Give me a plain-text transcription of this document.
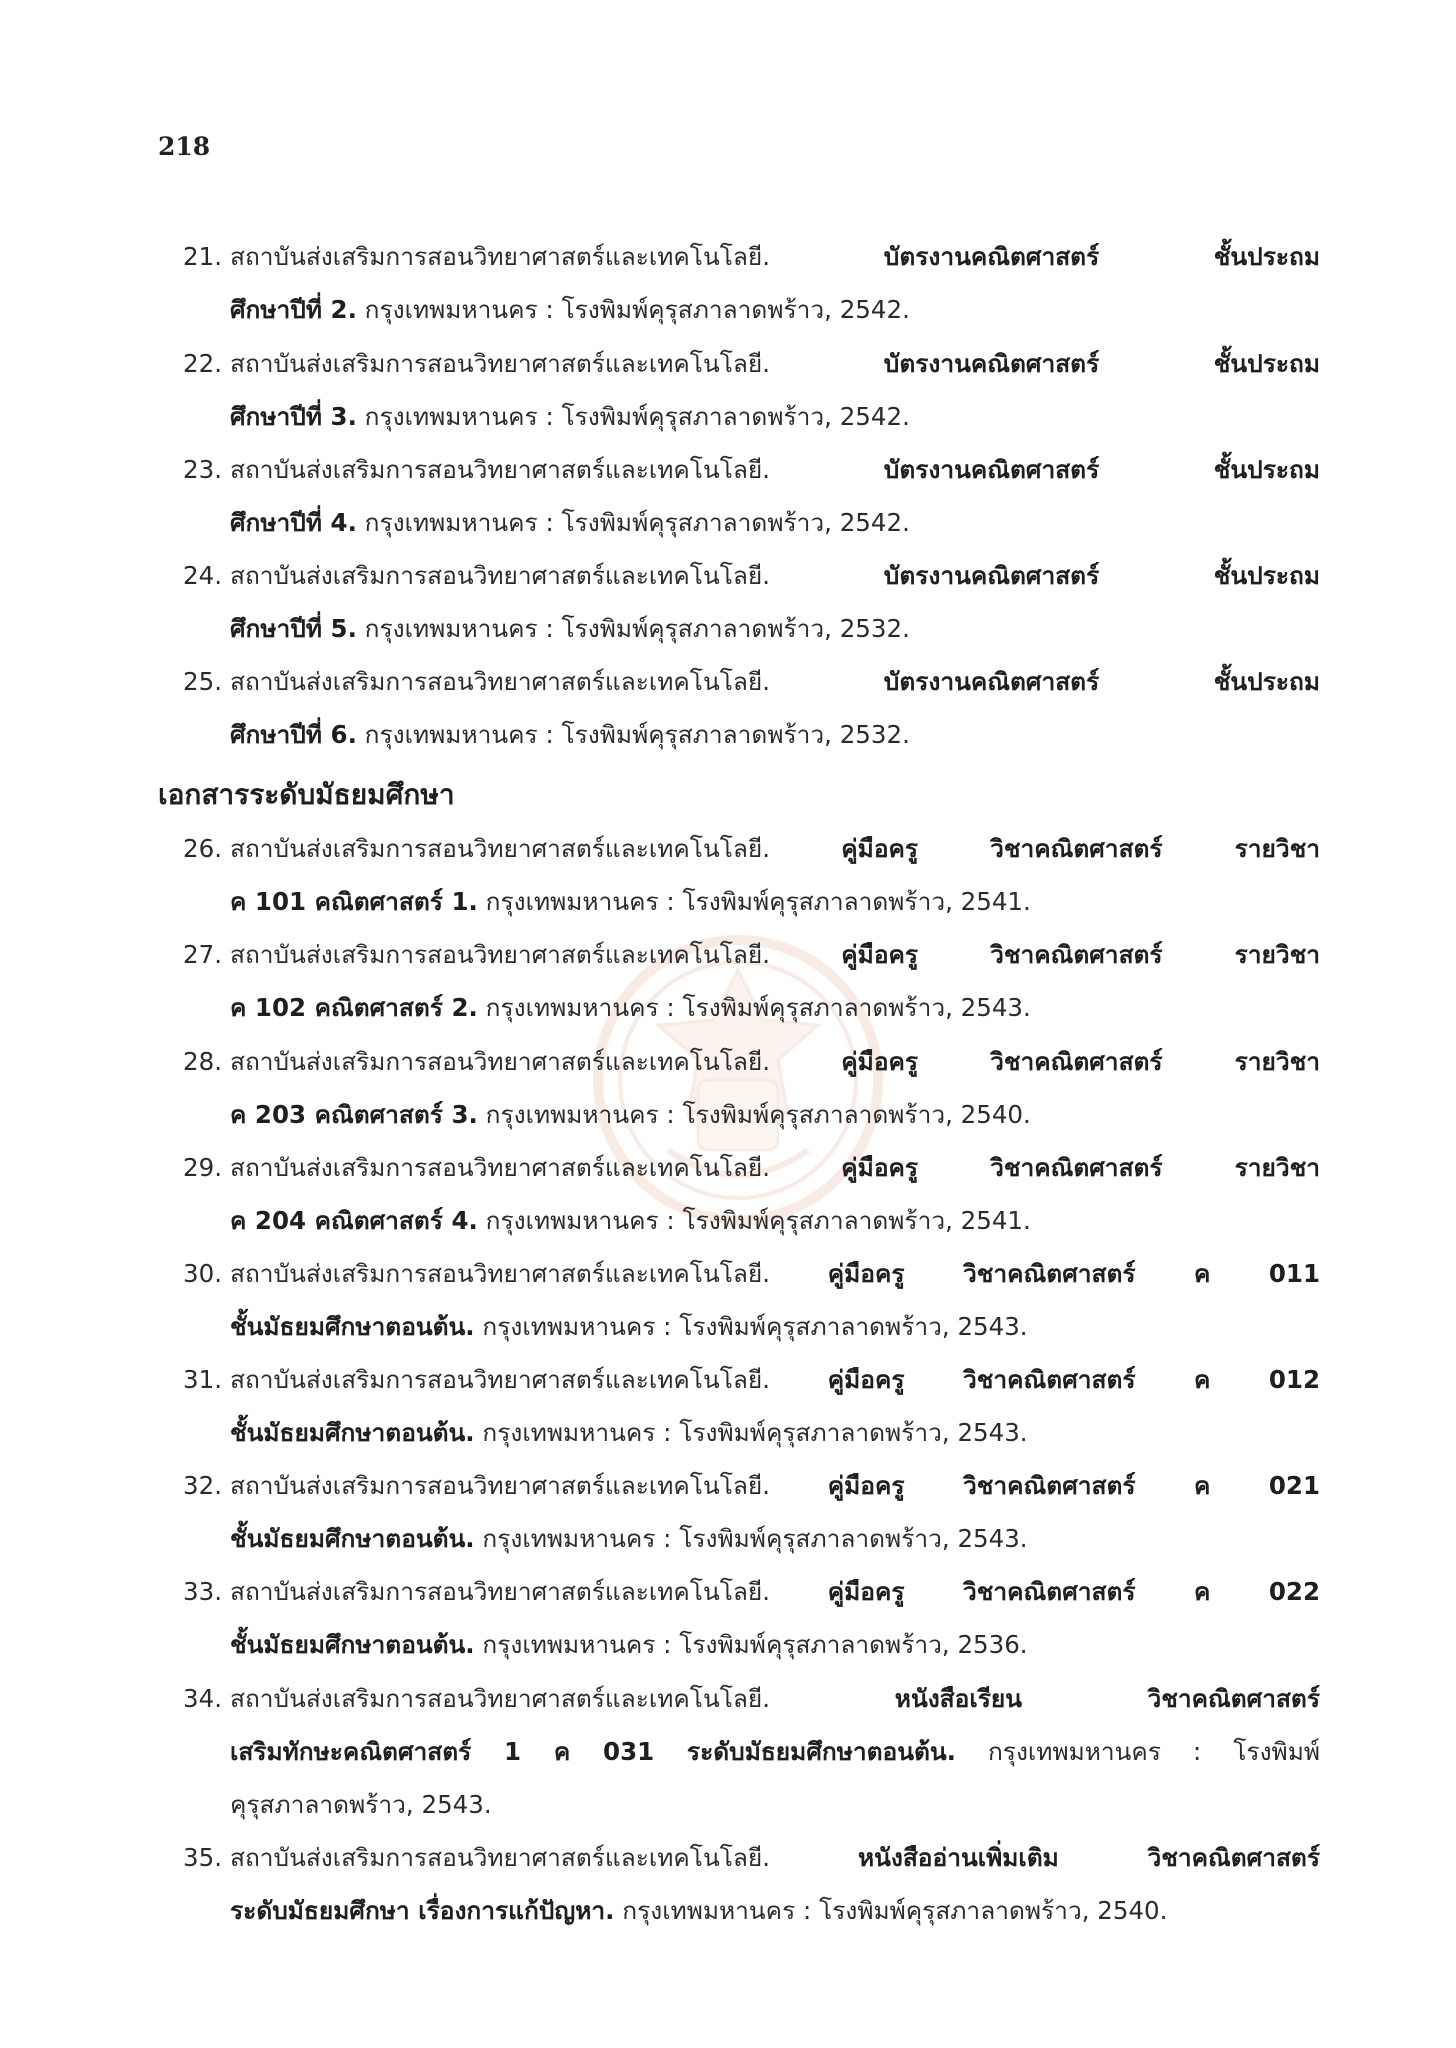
218
21. สถาบันส่งเสริมการสอนวิทยาศาสตร์และเทคโนโลยี. บัตรงานคณิตศาสตร์ ชั้นประถม
ศึกษาปีที่ 2. กรุงเทพมหานคร : โรงพิมพ์คุรุสภาลาดพร้าว, 2542.
22. สถาบันส่งเสริมการสอนวิทยาศาสตร์และเทคโนโลยี. บัตรงานคณิตศาสตร์ ชั้นประถม
ศึกษาปีที่ 3. กรุงเทพมหานคร : โรงพิมพ์คุรุสภาลาดพร้าว, 2542.
23. สถาบันส่งเสริมการสอนวิทยาศาสตร์และเทคโนโลยี. บัตรงานคณิตศาสตร์ ชั้นประถม
ศึกษาปีที่ 4. กรุงเทพมหานคร : โรงพิมพ์คุรุสภาลาดพร้าว, 2542.
24. สถาบันส่งเสริมการสอนวิทยาศาสตร์และเทคโนโลยี. บัตรงานคณิตศาสตร์ ชั้นประถม
ศึกษาปีที่ 5. กรุงเทพมหานคร : โรงพิมพ์คุรุสภาลาดพร้าว, 2532.
25. สถาบันส่งเสริมการสอนวิทยาศาสตร์และเทคโนโลยี. บัตรงานคณิตศาสตร์ ชั้นประถม
ศึกษาปีที่ 6. กรุงเทพมหานคร : โรงพิมพ์คุรุสภาลาดพร้าว, 2532.
เอกสารระดับมัธยมศึกษา
26. สถาบันส่งเสริมการสอนวิทยาศาสตร์และเทคโนโลยี. คู่มือครู วิชาคณิตศาสตร์ รายวิชา
ค 101 คณิตศาสตร์ 1. กรุงเทพมหานคร : โรงพิมพ์คุรุสภาลาดพร้าว, 2541.
27. สถาบันส่งเสริมการสอนวิทยาศาสตร์และเทคโนโลยี. คู่มือครู วิชาคณิตศาสตร์ รายวิชา
ค 102 คณิตศาสตร์ 2. กรุงเทพมหานคร : โรงพิมพ์คุรุสภาลาดพร้าว, 2543.
28. สถาบันส่งเสริมการสอนวิทยาศาสตร์และเทคโนโลยี. คู่มือครู วิชาคณิตศาสตร์ รายวิชา
ค 203 คณิตศาสตร์ 3. กรุงเทพมหานคร : โรงพิมพ์คุรุสภาลาดพร้าว, 2540.
29. สถาบันส่งเสริมการสอนวิทยาศาสตร์และเทคโนโลยี. คู่มือครู วิชาคณิตศาสตร์ รายวิชา
ค 204 คณิตศาสตร์ 4. กรุงเทพมหานคร : โรงพิมพ์คุรุสภาลาดพร้าว, 2541.
30. สถาบันส่งเสริมการสอนวิทยาศาสตร์และเทคโนโลยี. คู่มือครู วิชาคณิตศาสตร์ ค 011
ชั้นมัธยมศึกษาตอนต้น. กรุงเทพมหานคร : โรงพิมพ์คุรุสภาลาดพร้าว, 2543.
31. สถาบันส่งเสริมการสอนวิทยาศาสตร์และเทคโนโลยี. คู่มือครู วิชาคณิตศาสตร์ ค 012
ชั้นมัธยมศึกษาตอนต้น. กรุงเทพมหานคร : โรงพิมพ์คุรุสภาลาดพร้าว, 2543.
32. สถาบันส่งเสริมการสอนวิทยาศาสตร์และเทคโนโลยี. คู่มือครู วิชาคณิตศาสตร์ ค 021
ชั้นมัธยมศึกษาตอนต้น. กรุงเทพมหานคร : โรงพิมพ์คุรุสภาลาดพร้าว, 2543.
33. สถาบันส่งเสริมการสอนวิทยาศาสตร์และเทคโนโลยี. คู่มือครู วิชาคณิตศาสตร์ ค 022
ชั้นมัธยมศึกษาตอนต้น. กรุงเทพมหานคร : โรงพิมพ์คุรุสภาลาดพร้าว, 2536.
34. สถาบันส่งเสริมการสอนวิทยาศาสตร์และเทคโนโลยี. หนังสือเรียน วิชาคณิตศาสตร์
เสริมทักษะคณิตศาสตร์ 1 ค 031 ระดับมัธยมศึกษาตอนต้น. กรุงเทพมหานคร : โรงพิมพ์
คุรุสภาลาดพร้าว, 2543.
35. สถาบันส่งเสริมการสอนวิทยาศาสตร์และเทคโนโลยี. หนังสืออ่านเพิ่มเติม วิชาคณิตศาสตร์
ระดับมัธยมศึกษา เรื่องการแก้ปัญหา. กรุงเทพมหานคร : โรงพิมพ์คุรุสภาลาดพร้าว, 2540.
